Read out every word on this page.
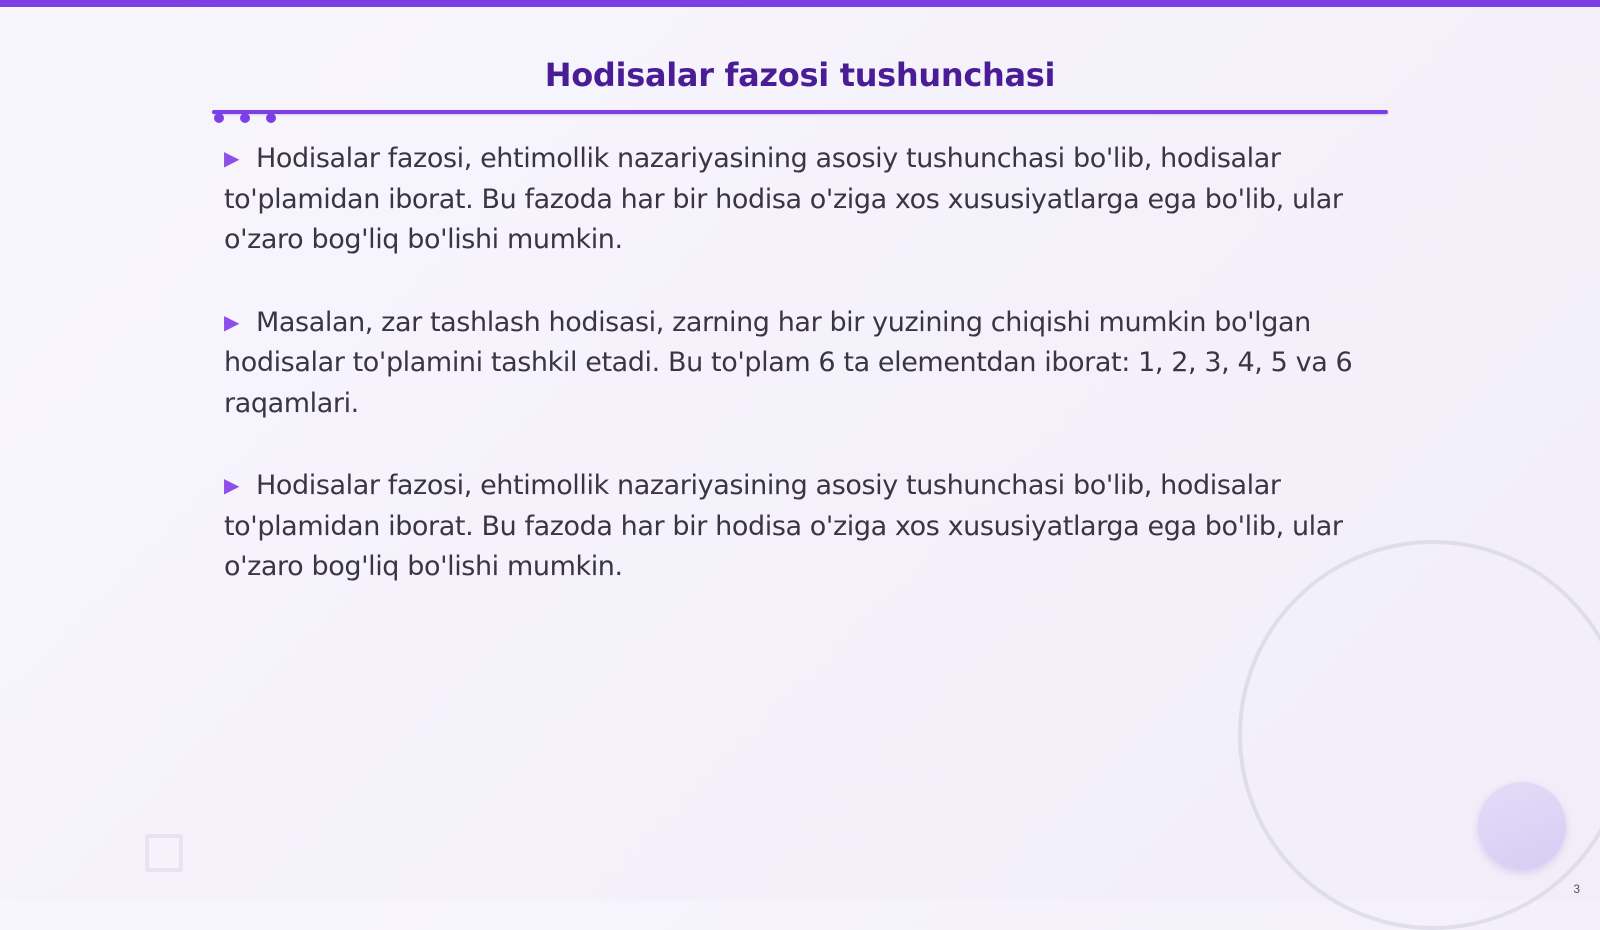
Hodisalar fazosi tushunchasi

▶ Hodisalar fazosi, ehtimollik nazariyasining asosiy tushunchasi bo'lib, hodisalar to'plamidan iborat. Bu fazoda har bir hodisa o'ziga xos xususiyatlarga ega bo'lib, ular o'zaro bog'liq bo'lishi mumkin.

▶ Masalan, zar tashlash hodisasi, zarning har bir yuzining chiqishi mumkin bo'lgan hodisalar to'plamini tashkil etadi. Bu to'plam 6 ta elementdan iborat: 1, 2, 3, 4, 5 va 6 raqamlari.

▶ Hodisalar fazosi, ehtimollik nazariyasining asosiy tushunchasi bo'lib, hodisalar to'plamidan iborat. Bu fazoda har bir hodisa o'ziga xos xususiyatlarga ega bo'lib, ular o'zaro bog'liq bo'lishi mumkin.

3
